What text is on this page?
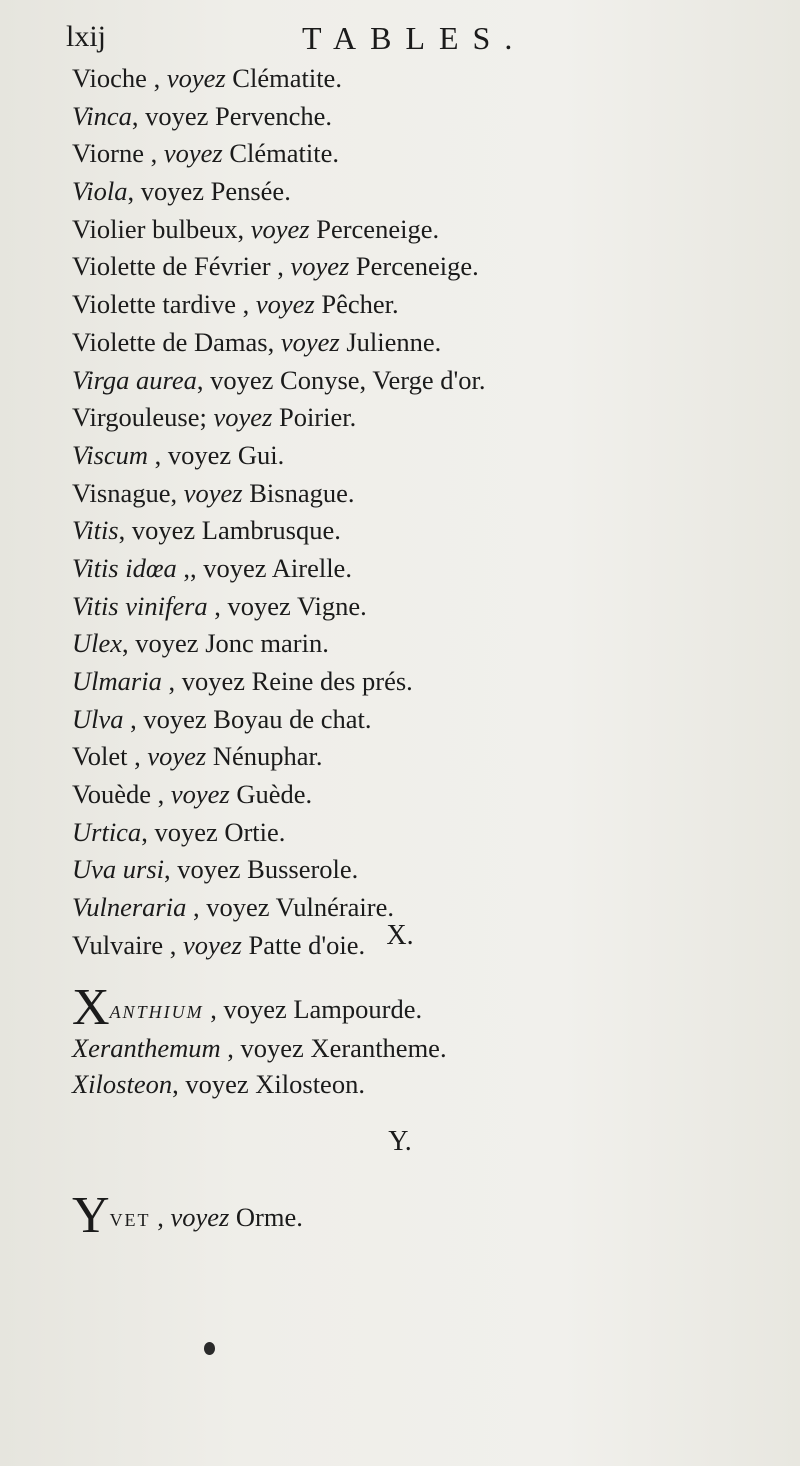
lxij	TABLES.
Vioche , voyez Clématite.
Vinca, voyez Pervenche.
Viorne , voyez Clématite.
Viola, voyez Pensée.
Violier bulbeux, voyez Perceneige.
Violette de Février , voyez Perceneige.
Violette tardive , voyez Pêcher.
Violette de Damas, voyez Julienne.
Virga aurea, voyez Conyse, Verge d'or.
Virgouleuse; voyez Poirier.
Viscum , voyez Gui.
Visnague, voyez Bisnague.
Vitis, voyez Lambrusque.
Vitis idœa ,, voyez Airelle.
Vitis vinifera , voyez Vigne.
Ulex, voyez Jonc marin.
Ulmaria , voyez Reine des prés.
Ulva , voyez Boyau de chat.
Volet , voyez Nénuphar.
Vouède , voyez Guède.
Urtica, voyez Ortie.
Uva ursi, voyez Busserole.
Vulneraria , voyez Vulnéraire.
Vulvaire , voyez Patte d'oie. X.
XANTHIUM , voyez Lampourde.
Xeranthemum , voyez Xerantheme.
Xilosteon, voyez Xilosteon.
Y.
YVET , voyez Orme.
